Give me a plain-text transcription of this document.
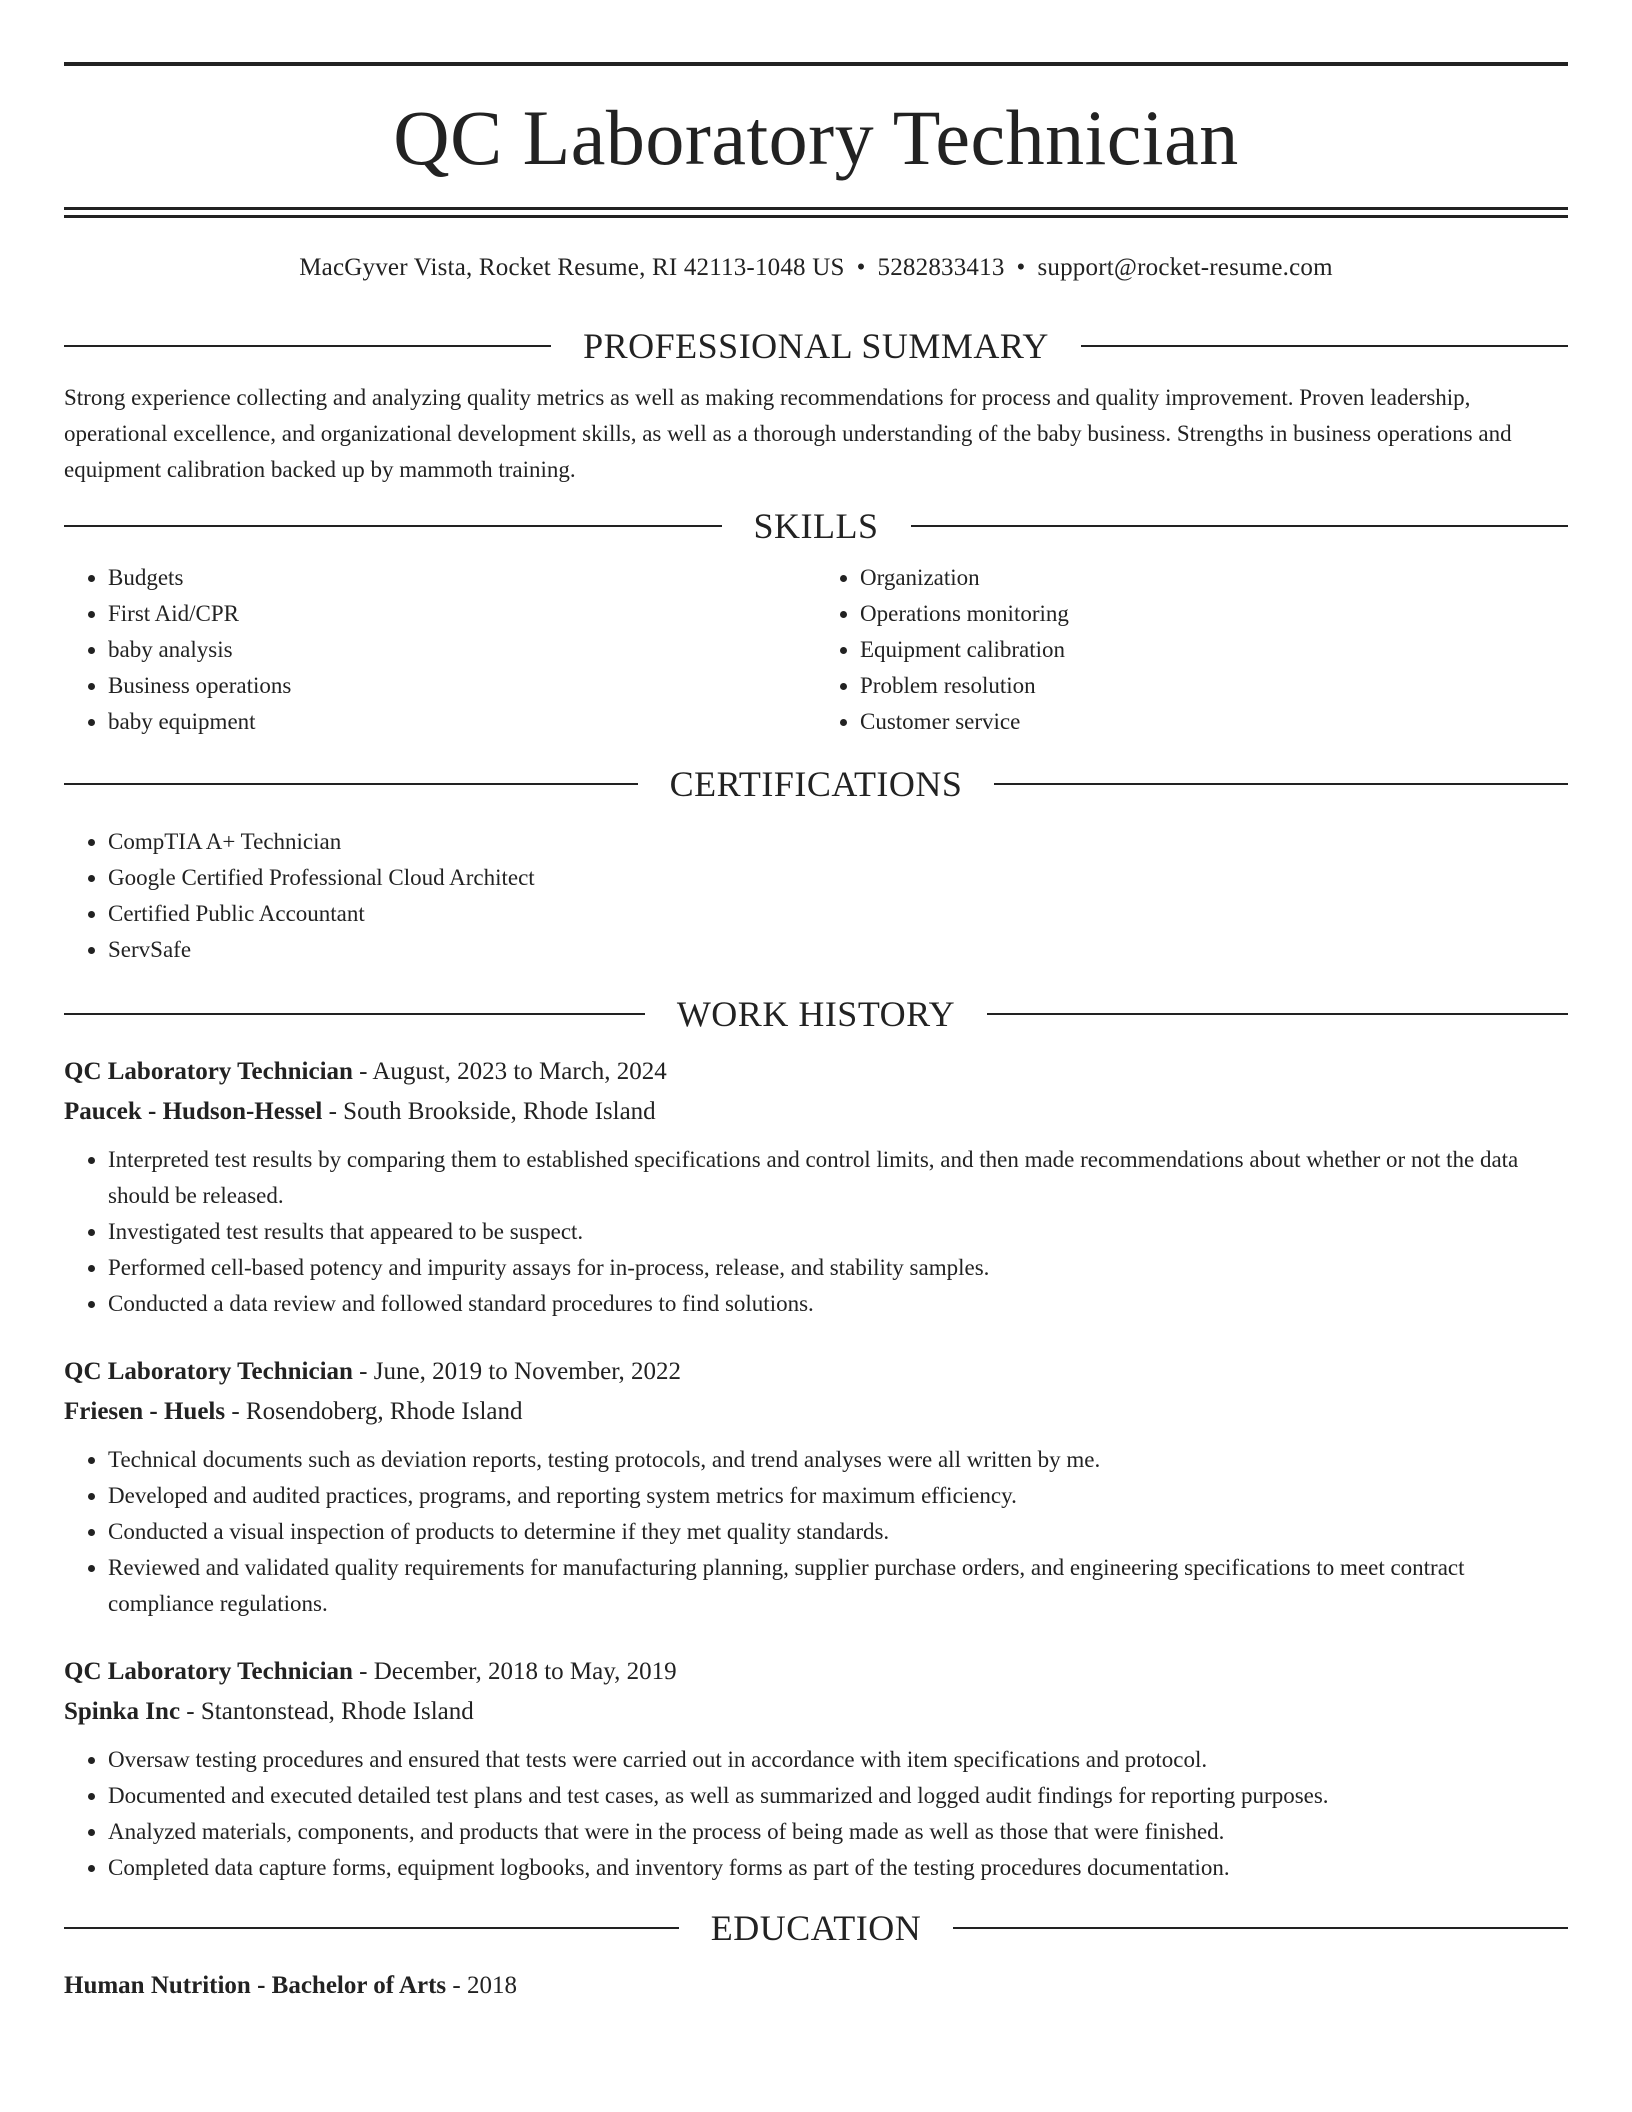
QC Laboratory Technician
MacGyver Vista, Rocket Resume, RI 42113-1048 US • 5282833413 • support@rocket-resume.com
PROFESSIONAL SUMMARY

Strong experience collecting and analyzing quality metrics as well as making recommendations for process and quality improvement. Proven leadership, operational excellence, and organizational development skills, as well as a thorough understanding of the baby business. Strengths in business operations and equipment calibration backed up by mammoth training.

SKILLS
• Budgets
• First Aid/CPR
• baby analysis
• Business operations
• baby equipment
• Organization
• Operations monitoring
• Equipment calibration
• Problem resolution
• Customer service
CERTIFICATIONS
• CompTIA A+ Technician
• Google Certified Professional Cloud Architect
• Certified Public Accountant
• ServSafe
WORK HISTORY
QC Laboratory Technician - August, 2023 to March, 2024
Paucek - Hudson-Hessel - South Brookside, Rhode Island
• Interpreted test results by comparing them to established specifications and control limits, and then made recommendations about whether or not the data should be released.
• Investigated test results that appeared to be suspect.
• Performed cell-based potency and impurity assays for in-process, release, and stability samples.
• Conducted a data review and followed standard procedures to find solutions.
QC Laboratory Technician - June, 2019 to November, 2022
Friesen - Huels - Rosendoberg, Rhode Island
• Technical documents such as deviation reports, testing protocols, and trend analyses were all written by me.
• Developed and audited practices, programs, and reporting system metrics for maximum efficiency.
• Conducted a visual inspection of products to determine if they met quality standards.
• Reviewed and validated quality requirements for manufacturing planning, supplier purchase orders, and engineering specifications to meet contract compliance regulations.
QC Laboratory Technician - December, 2018 to May, 2019
Spinka Inc - Stantonstead, Rhode Island
• Oversaw testing procedures and ensured that tests were carried out in accordance with item specifications and protocol.
• Documented and executed detailed test plans and test cases, as well as summarized and logged audit findings for reporting purposes.
• Analyzed materials, components, and products that were in the process of being made as well as those that were finished.
• Completed data capture forms, equipment logbooks, and inventory forms as part of the testing procedures documentation.
EDUCATION
Human Nutrition - Bachelor of Arts - 2018
